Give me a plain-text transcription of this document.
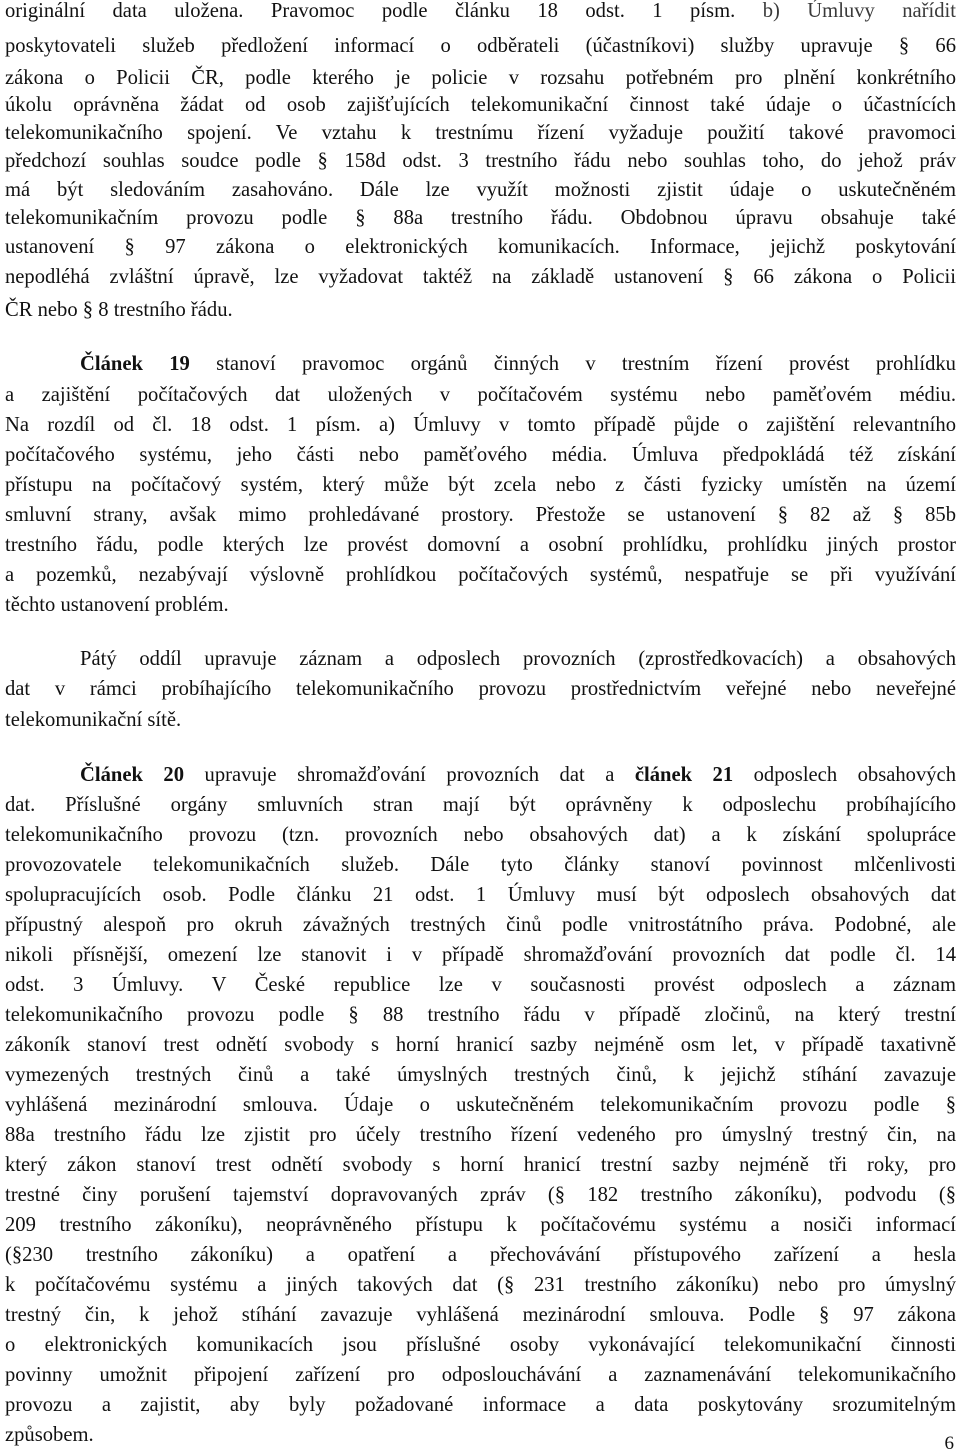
originální data uložena. Pravomoc podle článku 18 odst. 1 písm. b) Úmluvy nařídit
poskytovateli služeb předložení informací o odběrateli (účastníkovi) služby upravuje § 66
zákona o Policii ČR, podle kterého je policie v rozsahu potřebném pro plnění konkrétního
úkolu oprávněna žádat od osob zajišťujících telekomunikační činnost také údaje o účastnících
telekomunikačního spojení. Ve vztahu k trestnímu řízení vyžaduje použití takové pravomoci
předchozí souhlas soudce podle § 158d odst. 3 trestního řádu nebo souhlas toho, do jehož práv
má být sledováním zasahováno. Dále lze využít možnosti zjistit údaje o uskutečněném
telekomunikačním provozu podle § 88a trestního řádu. Obdobnou úpravu obsahuje také
ustanovení § 97 zákona o elektronických komunikacích. Informace, jejichž poskytování
nepodléhá zvláštní úpravě, lze vyžadovat taktéž na základě ustanovení § 66 zákona o Policii
ČR nebo § 8 trestního řádu.
Článek 19 stanoví pravomoc orgánů činných v trestním řízení provést prohlídku
a zajištění počítačových dat uložených v počítačovém systému nebo paměťovém médiu.
Na rozdíl od čl. 18 odst. 1 písm. a) Úmluvy v tomto případě půjde o zajištění relevantního
počítačového systému, jeho části nebo paměťového média. Úmluva předpokládá též získání
přístupu na počítačový systém, který může být zcela nebo z části fyzicky umístěn na území
smluvní strany, avšak mimo prohledávané prostory. Přestože se ustanovení § 82 až § 85b
trestního řádu, podle kterých lze provést domovní a osobní prohlídku, prohlídku jiných prostor
a pozemků, nezabývají výslovně prohlídkou počítačových systémů, nespatřuje se při využívání
těchto ustanovení problém.
Pátý oddíl upravuje záznam a odposlech provozních (zprostředkovacích) a obsahových
dat v rámci probíhajícího telekomunikačního provozu prostřednictvím veřejné nebo neveřejné
telekomunikační sítě.
Článek 20 upravuje shromažďování provozních dat a článek 21 odposlech obsahových
dat. Příslušné orgány smluvních stran mají být oprávněny k odposlechu probíhajícího
telekomunikačního provozu (tzn. provozních nebo obsahových dat) a k získání spolupráce
provozovatele telekomunikačních služeb. Dále tyto články stanoví povinnost mlčenlivosti
spolupracujících osob. Podle článku 21 odst. 1 Úmluvy musí být odposlech obsahových dat
přípustný alespoň pro okruh závažných trestných činů podle vnitrostátního práva. Podobné, ale
nikoli přísnější, omezení lze stanovit i v případě shromažďování provozních dat podle čl. 14
odst. 3 Úmluvy. V České republice lze v současnosti provést odposlech a záznam
telekomunikačního provozu podle § 88 trestního řádu v případě zločinů, na který trestní
zákoník stanoví trest odnětí svobody s horní hranicí sazby nejméně osm let, v případě taxativně
vymezených trestných činů a také úmyslných trestných činů, k jejichž stíhání zavazuje
vyhlášená mezinárodní smlouva. Údaje o uskutečněném telekomunikačním provozu podle §
88a trestního řádu lze zjistit pro účely trestního řízení vedeného pro úmyslný trestný čin, na
který zákon stanoví trest odnětí svobody s horní hranicí trestní sazby nejméně tři roky, pro
trestné činy porušení tajemství dopravovaných zpráv (§ 182 trestního zákoníku), podvodu (§
209 trestního zákoníku), neoprávněného přístupu k počítačovému systému a nosiči informací
(§230 trestního zákoníku) a opatření a přechovávání přístupového zařízení a hesla
k počítačovému systému a jiných takových dat (§ 231 trestního zákoníku) nebo pro úmyslný
trestný čin, k jehož stíhání zavazuje vyhlášená mezinárodní smlouva. Podle § 97 zákona
o elektronických komunikacích jsou příslušné osoby vykonávající telekomunikační činnosti
povinny umožnit připojení zařízení pro odposlouchávání a zaznamenávání telekomunikačního
provozu a zajistit, aby byly požadované informace a data poskytovány srozumitelným
způsobem.	6
